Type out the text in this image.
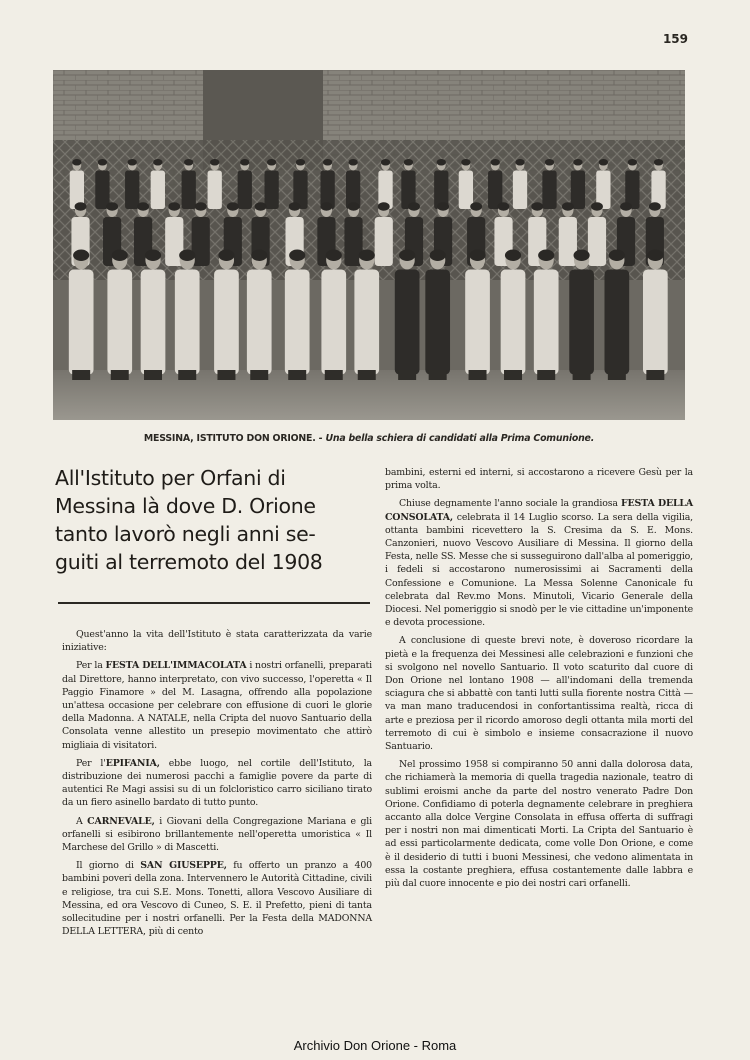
159
MESSINA, ISTITUTO DON ORIONE. - Una bella schiera di candidati alla Prima Comunione.
All'Istituto per Orfani di
Messina là dove D. Orione
tanto lavorò negli anni se-
guiti al terremoto del 1908

Quest'anno la vita dell'Istituto è stata caratterizzata da varie iniziative:

Per la FESTA DELL'IMMACOLATA i nostri orfanelli, preparati dal Direttore, hanno interpretato, con vivo successo, l'operetta « Il Paggio Finamore » del M. Lasagna, offrendo alla popolazione un'attesa occasione per celebrare con effusione di cuori le glorie della Madonna. A NATALE, nella Cripta del nuovo Santuario della Consolata venne allestito un presepio movimentato che attirò migliaia di visitatori.

Per l'EPIFANIA, ebbe luogo, nel cortile dell'Istituto, la distribuzione dei numerosi pacchi a famiglie povere da parte di autentici Re Magi assisi su di un folcloristico carro siciliano tirato da un fiero asinello bardato di tutto punto.

A CARNEVALE, i Giovani della Congregazione Mariana e gli orfanelli si esibirono brillantemente nell'operetta umoristica « Il Marchese del Grillo » di Mascetti.

Il giorno di SAN GIUSEPPE, fu offerto un pranzo a 400 bambini poveri della zona. Intervennero le Autorità Cittadine, civili e religiose, tra cui S.E. Mons. Tonetti, allora Vescovo Ausiliare di Messina, ed ora Vescovo di Cuneo, S. E. il Prefetto, pieni di tanta sollecitudine per i nostri orfanelli. Per la Festa della MADONNA DELLA LETTERA, più di cento

bambini, esterni ed interni, si accostarono a ricevere Gesù per la prima volta.

Chiuse degnamente l'anno sociale la grandiosa FESTA DELLA CONSOLATA, celebrata il 14 Luglio scorso. La sera della vigilia, ottanta bambini ricevettero la S. Cresima da S. E. Mons. Canzonieri, nuovo Vescovo Ausiliare di Messina. Il giorno della Festa, nelle SS. Messe che si susseguirono dall'alba al pomeriggio, i fedeli si accostarono numerosissimi ai Sacramenti della Confessione e Comunione. La Messa Solenne Canonicale fu celebrata dal Rev.mo Mons. Minutoli, Vicario Generale della Diocesi. Nel pomeriggio si snodò per le vie cittadine un'imponente e devota processione.

A conclusione di queste brevi note, è doveroso ricordare la pietà e la frequenza dei Messinesi alle celebrazioni e funzioni che si svolgono nel novello Santuario. Il voto scaturito dal cuore di Don Orione nel lontano 1908 — all'indomani della tremenda sciagura che si abbattè con tanti lutti sulla fiorente nostra Città — va man mano traducendosi in confortantissima realtà, ricca di arte e preziosa per il ricordo amoroso degli ottanta mila morti del terremoto di cui è simbolo e insieme consacrazione il nuovo Santuario.

Nel prossimo 1958 si compiranno 50 anni dalla dolorosa data, che richiamerà la memoria di quella tragedia nazionale, teatro di sublimi eroismi anche da parte del nostro venerato Padre Don Orione. Confidiamo di poterla degnamente celebrare in preghiera accanto alla dolce Vergine Consolata in effusa offerta di suffragi per i nostri non mai dimenticati Morti. La Cripta del Santuario è ad essi particolarmente dedicata, come volle Don Orione, e come è il desiderio di tutti i buoni Messinesi, che vedono alimentata in essa la costante preghiera, effusa costantemente dalle labbra e più dal cuore innocente e pio dei nostri cari orfanelli.

Archivio Don Orione - Roma
